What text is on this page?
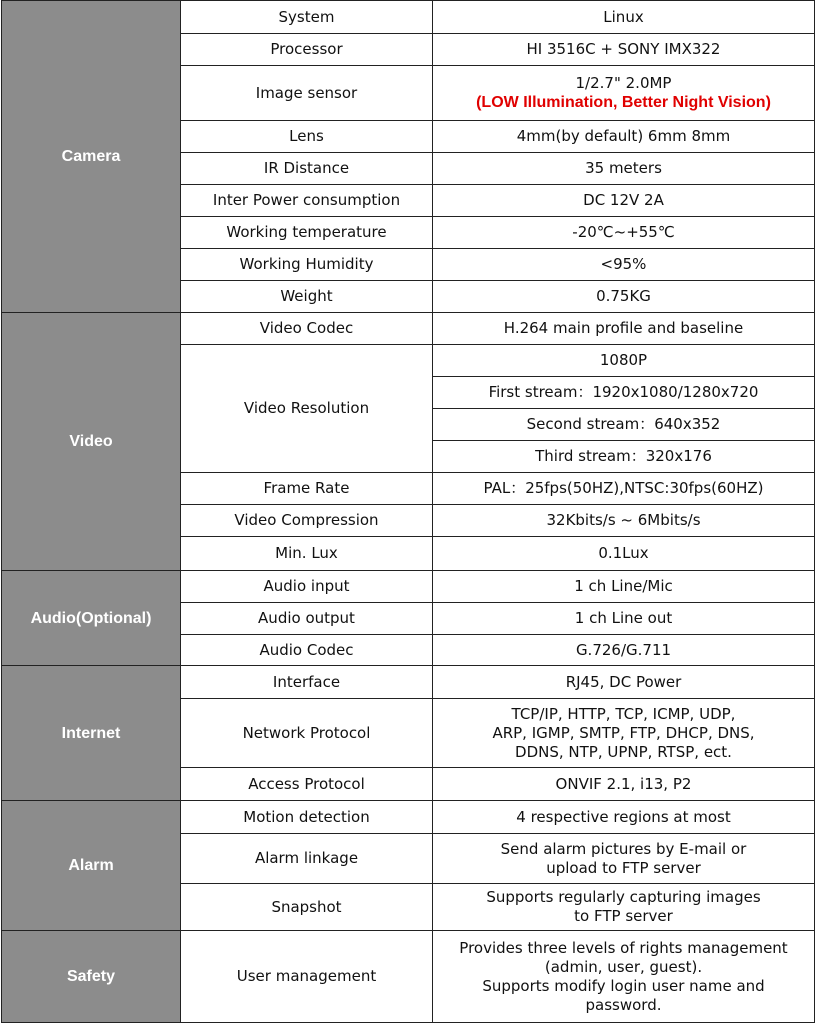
Camera	System	Linux
	Processor	HI 3516C + SONY IMX322
	Image sensor	1/2.7" 2.0MP
(LOW Illumination, Better Night Vision)

	Lens	4mm(by default) 6mm 8mm
	IR Distance	35 meters
	Inter Power consumption	DC 12V 2A
	Working temperature	-20℃~+55℃
	Working Humidity	<95%
	Weight	0.75KG
Video	Video Codec	H.264 main profile and baseline
	Video Resolution	1080P
		First stream：1920x1080/1280x720
		Second stream：640x352
		Third stream：320x176
	Frame Rate	PAL：25fps(50HZ),NTSC:30fps(60HZ)
	Video Compression	32Kbits/s ~ 6Mbits/s
	Min. Lux	0.1Lux
Audio(Optional)	Audio input	1 ch Line/Mic
	Audio output	1 ch Line out
	Audio Codec	G.726/G.711
Internet	Interface	RJ45, DC Power
	Network Protocol	TCP/IP, HTTP, TCP, ICMP, UDP,
ARP, IGMP, SMTP, FTP, DHCP, DNS,
DDNS, NTP, UPNP, RTSP, ect.

	Access Protocol	ONVIF 2.1, i13, P2
Alarm	Motion detection	4 respective regions at most
	Alarm linkage	Send alarm pictures by E-mail or
upload to FTP server

	Snapshot	Supports regularly capturing images
to FTP server

Safety	User management	Provides three levels of rights management
(admin, user, guest).
Supports modify login user name and
password.
